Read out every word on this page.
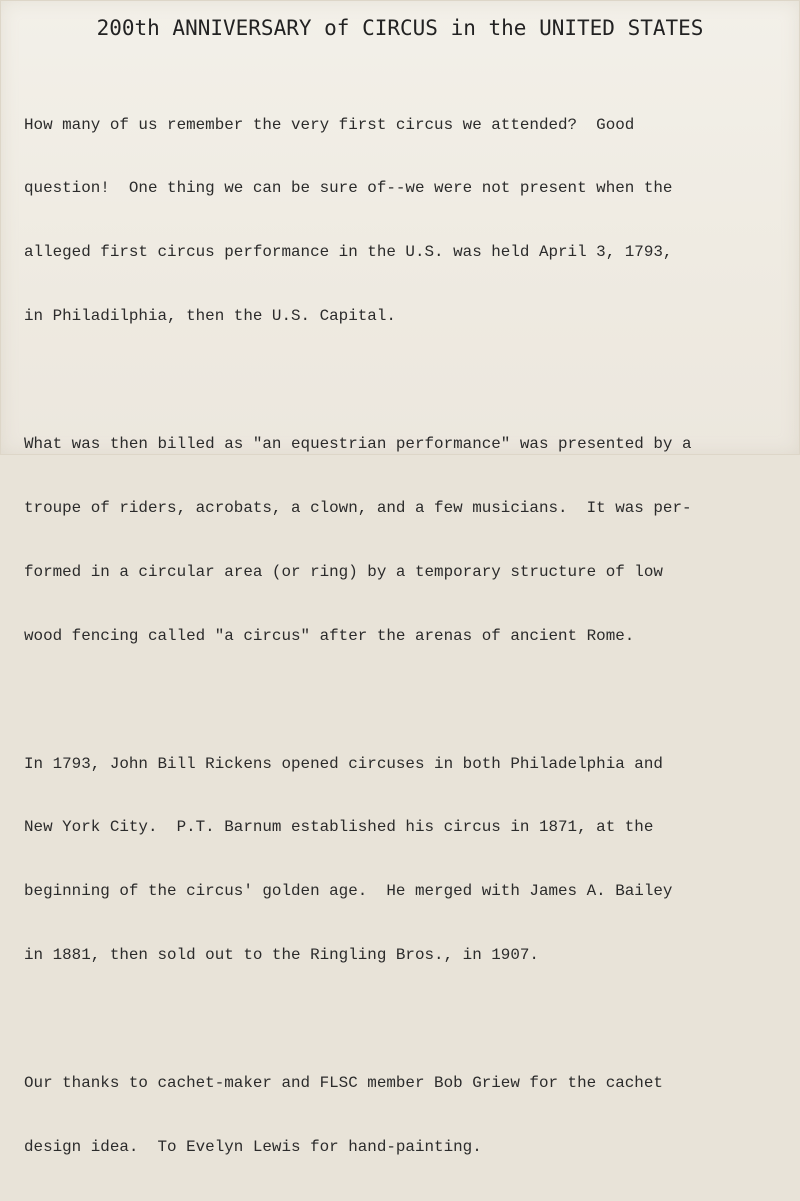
200th ANNIVERSARY of CIRCUS in the UNITED STATES

How many of us remember the very first circus we attended?  Good

question!  One thing we can be sure of--we were not present when the

alleged first circus performance in the U.S. was held April 3, 1793,

in Philadilphia, then the U.S. Capital.

What was then billed as "an equestrian performance" was presented by a

troupe of riders, acrobats, a clown, and a few musicians.  It was per-

formed in a circular area (or ring) by a temporary structure of low

wood fencing called "a circus" after the arenas of ancient Rome.

In 1793, John Bill Rickens opened circuses in both Philadelphia and

New York City.  P.T. Barnum established his circus in 1871, at the

beginning of the circus' golden age.  He merged with James A. Bailey

in 1881, then sold out to the Ringling Bros., in 1907.

Our thanks to cachet-maker and FLSC member Bob Griew for the cachet

design idea.  To Evelyn Lewis for hand-painting.
